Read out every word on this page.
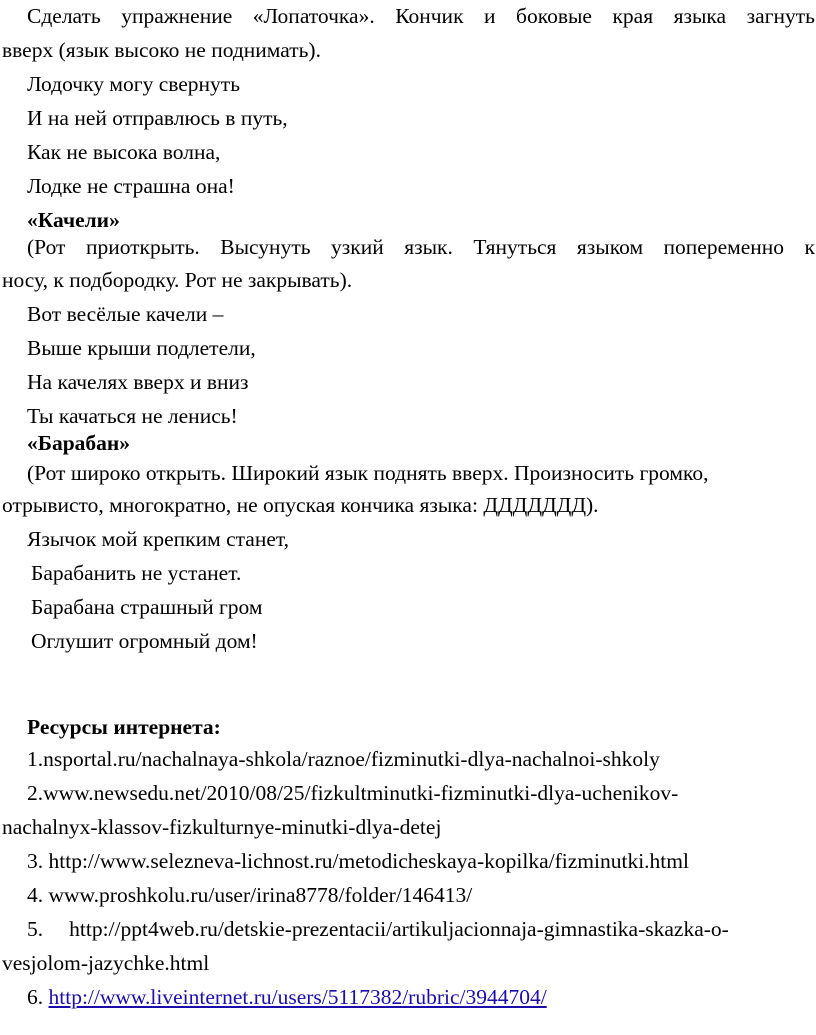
Сделать упражнение «Лопаточка». Кончик и боковые края языка загнуть
вверх (язык высоко не поднимать).
Лодочку могу свернуть
И на ней отправлюсь в путь,
Как не высока волна,
Лодке не страшна она!
«Качели»
(Рот приоткрыть. Высунуть узкий язык. Тянуться языком попеременно к
носу, к подбородку. Рот не закрывать).
Вот весёлые качели –
Выше крыши подлетели,
На качелях вверх и вниз
Ты качаться не ленись!
«Барабан»
(Рот широко открыть. Широкий язык поднять вверх. Произносить громко,
отрывисто, многократно, не опуская кончика языка: ДДДДДДД).
Язычок мой крепким станет,
Барабанить не устанет.
Барабана страшный гром
Оглушит огромный дом!
Ресурсы интернета:
1.nsportal.ru/nachalnaya-shkola/raznoe/fizminutki-dlya-nachalnoi-shkoly
2.www.newsedu.net/2010/08/25/fizkultminutki-fizminutki-dlya-uchenikov-
nachalnyx-klassov-fizkulturnye-minutki-dlya-detej
3. http://www.selezneva-lichnost.ru/metodicheskaya-kopilka/fizminutki.html
4. www.proshkolu.ru/user/irina8778/folder/146413/
5. http://ppt4web.ru/detskie-prezentacii/artikuljacionnaja-gimnastika-skazka-o-
vesjolom-jazychke.html
6. http://www.liveinternet.ru/users/5117382/rubric/3944704/
